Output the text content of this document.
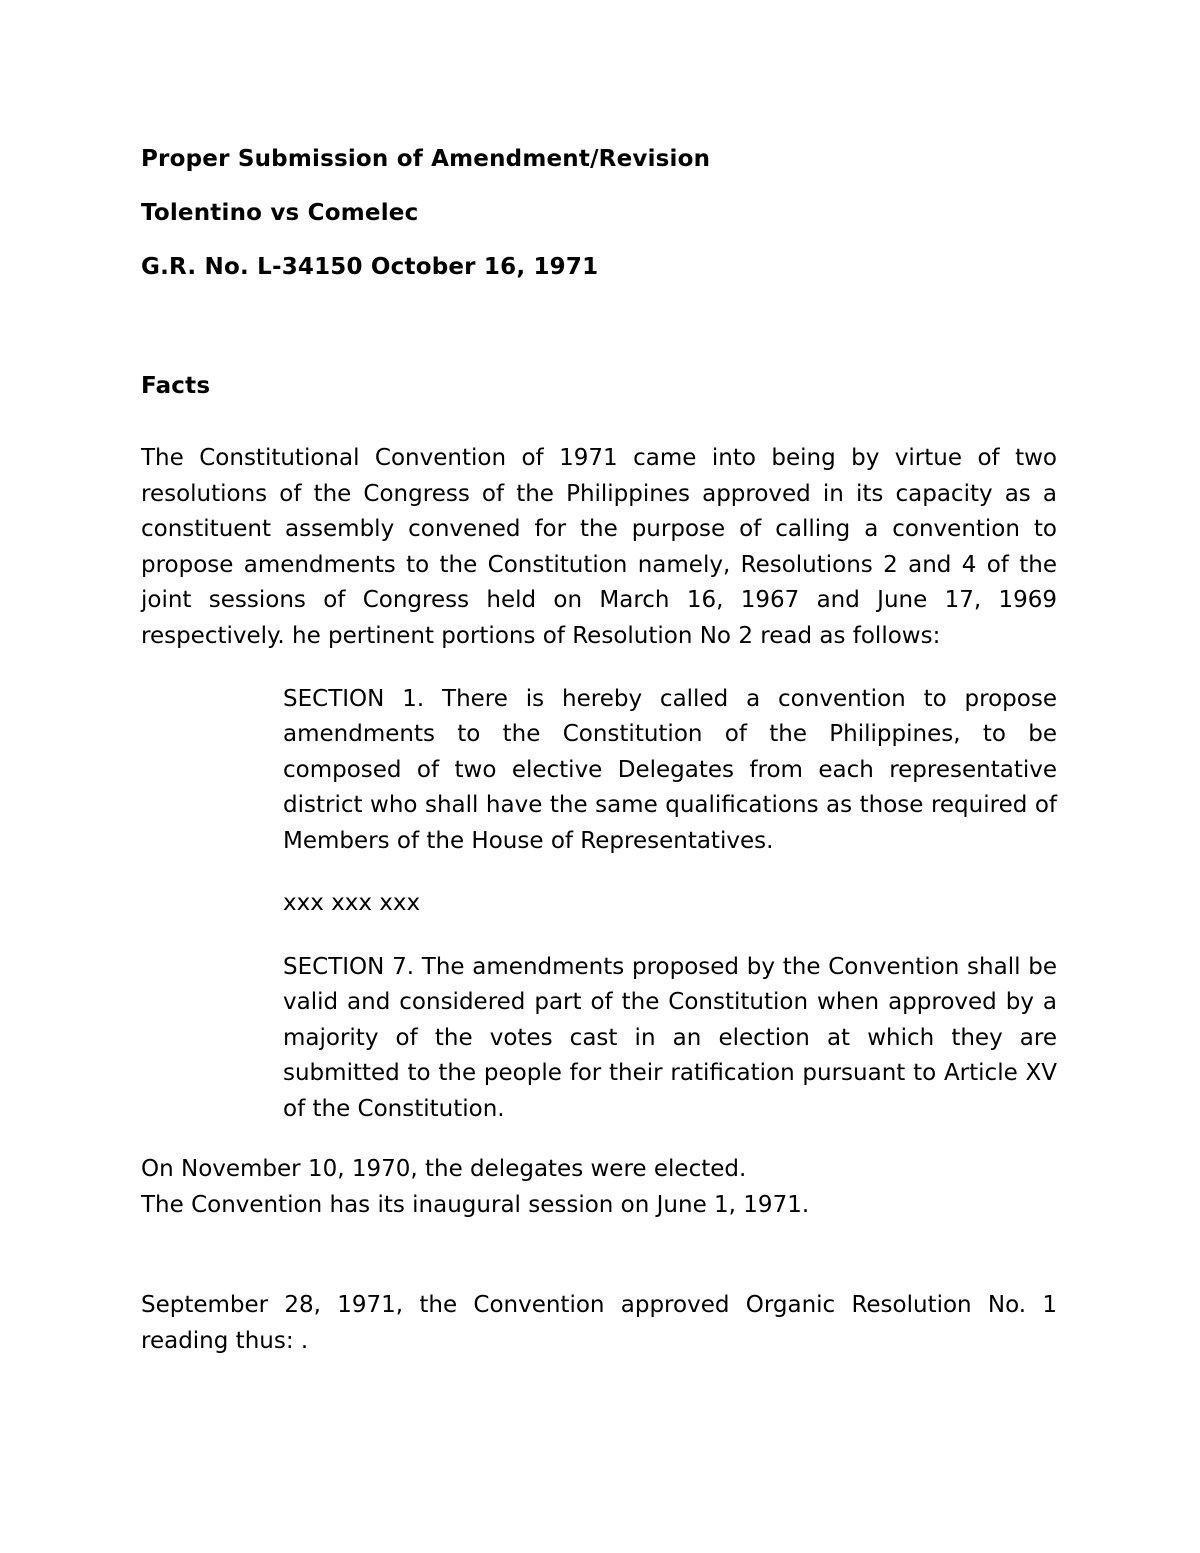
Proper Submission of Amendment/Revision
Tolentino vs Comelec
G.R. No. L-34150 October 16, 1971
Facts
The Constitutional Convention of 1971 came into being by virtue of two resolutions of the Congress of the Philippines approved in its capacity as a constituent assembly convened for the purpose of calling a convention to propose amendments to the Constitution namely, Resolutions 2 and 4 of the joint sessions of Congress held on March 16, 1967 and June 17, 1969 respectively. he pertinent portions of Resolution No 2 read as follows:
SECTION 1. There is hereby called a convention to propose amendments to the Constitution of the Philippines, to be composed of two elective Delegates from each representative district who shall have the same qualifications as those required of Members of the House of Representatives.
xxx xxx xxx
SECTION 7. The amendments proposed by the Convention shall be valid and considered part of the Constitution when approved by a majority of the votes cast in an election at which they are submitted to the people for their ratification pursuant to Article XV of the Constitution.
On November 10, 1970, the delegates were elected.
The Convention has its inaugural session on June 1, 1971.
September 28, 1971, the Convention approved Organic Resolution No. 1 reading thus: .
